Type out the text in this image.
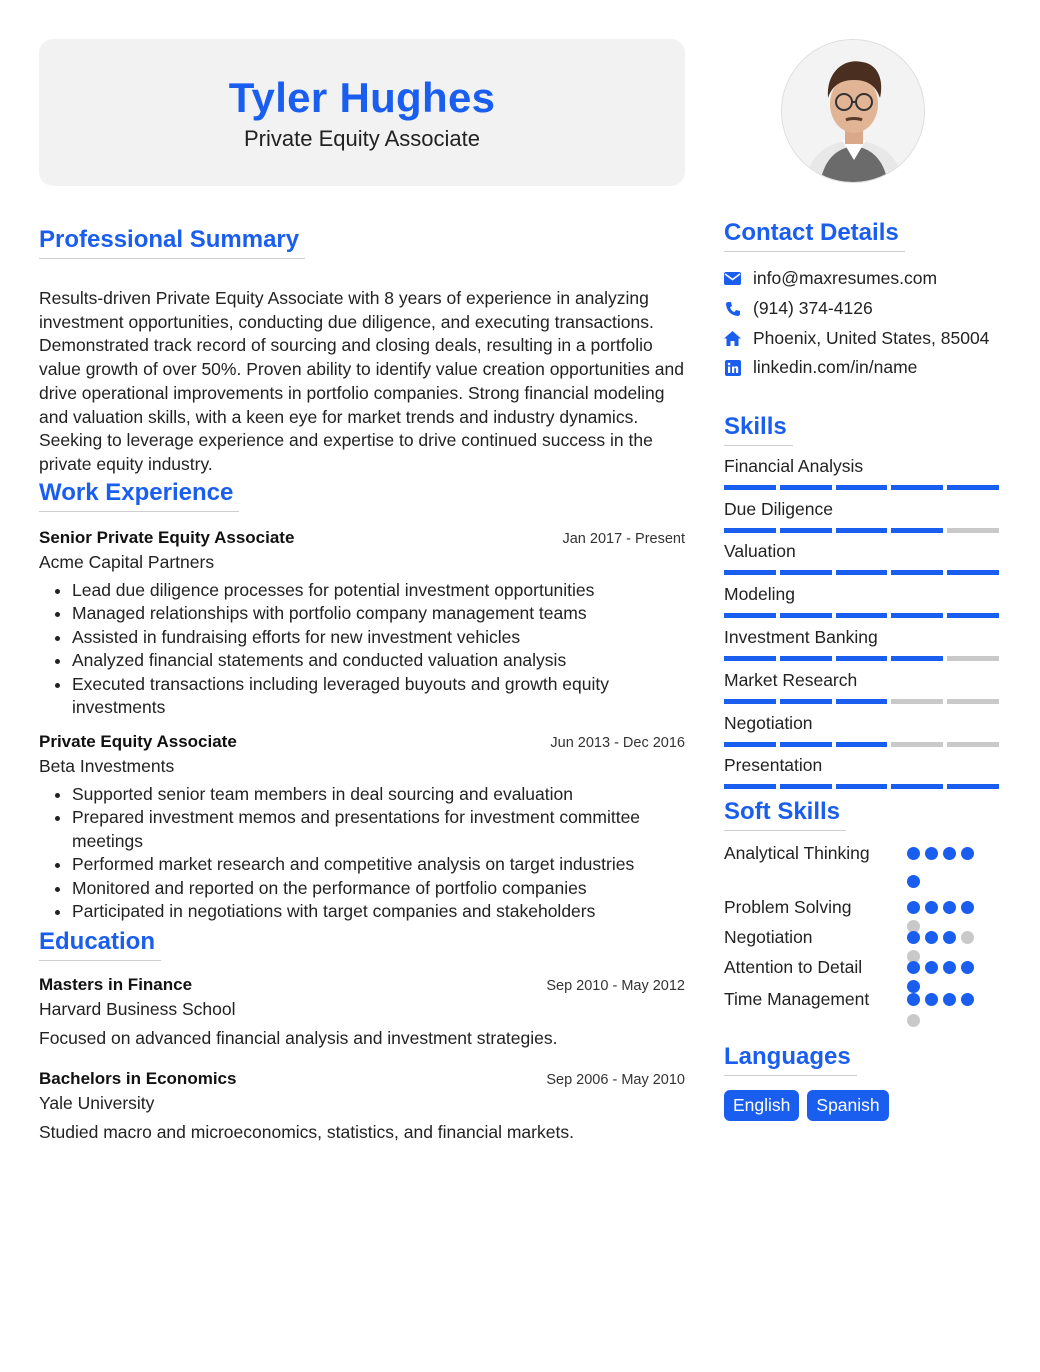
Tyler Hughes
Private Equity Associate
Professional Summary
Results-driven Private Equity Associate with 8 years of experience in analyzing investment opportunities, conducting due diligence, and executing transactions. Demonstrated track record of sourcing and closing deals, resulting in a portfolio value growth of over 50%. Proven ability to identify value creation opportunities and drive operational improvements in portfolio companies. Strong financial modeling and valuation skills, with a keen eye for market trends and industry dynamics. Seeking to leverage experience and expertise to drive continued success in the private equity industry.
Work Experience
Senior Private Equity Associate	Jan 2017 - Present
Acme Capital Partners
• Lead due diligence processes for potential investment opportunities
• Managed relationships with portfolio company management teams
• Assisted in fundraising efforts for new investment vehicles
• Analyzed financial statements and conducted valuation analysis
• Executed transactions including leveraged buyouts and growth equity investments
Private Equity Associate	Jun 2013 - Dec 2016
Beta Investments
• Supported senior team members in deal sourcing and evaluation
• Prepared investment memos and presentations for investment committee meetings
• Performed market research and competitive analysis on target industries
• Monitored and reported on the performance of portfolio companies
• Participated in negotiations with target companies and stakeholders
Education
Masters in Finance	Sep 2010 - May 2012
Harvard Business School
Focused on advanced financial analysis and investment strategies.
Bachelors in Economics	Sep 2006 - May 2010
Yale University
Studied macro and microeconomics, statistics, and financial markets.
Contact Details
info@maxresumes.com
(914) 374-4126
Phoenix, United States, 85004
linkedin.com/in/name
Skills
Financial Analysis
Due Diligence
Valuation
Modeling
Investment Banking
Market Research
Negotiation
Presentation
Soft Skills
Analytical Thinking
Problem Solving
Negotiation
Attention to Detail
Time Management
Languages
English	Spanish
